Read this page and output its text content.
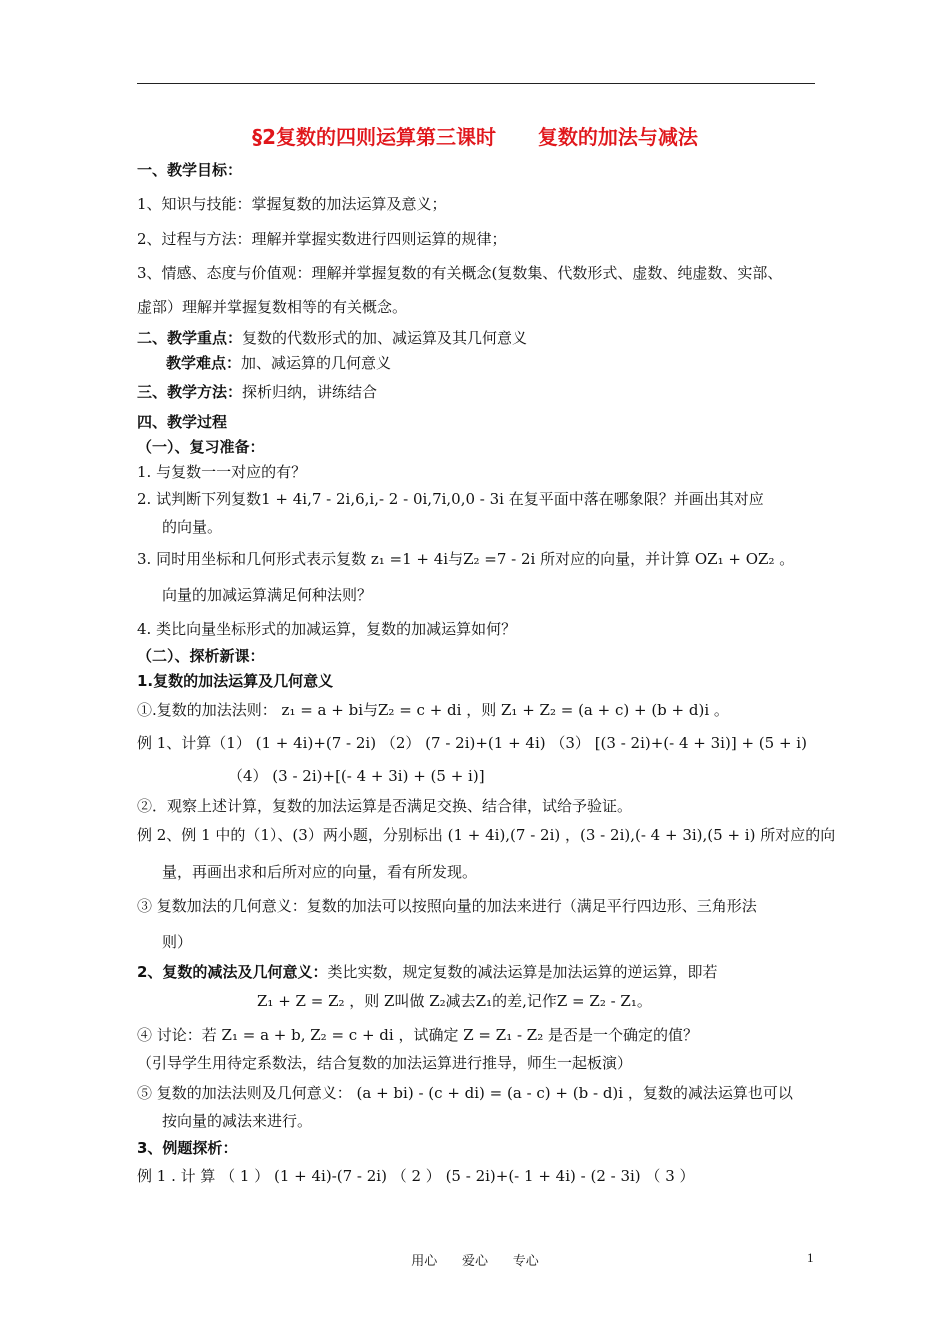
§2复数的四则运算第三课时      复数的加法与减法
一、教学目标：
1、知识与技能：掌握复数的加法运算及意义；
2、过程与方法：理解并掌握实数进行四则运算的规律；
3、情感、态度与价值观：理解并掌握复数的有关概念(复数集、代数形式、虚数、纯虚数、实部、
虚部）理解并掌握复数相等的有关概念。
二、教学重点：复数的代数形式的加、减运算及其几何意义
教学难点：加、减运算的几何意义
三、教学方法：探析归纳，讲练结合
四、教学过程
（一）、复习准备：
1. 与复数一一对应的有？
2. 试判断下列复数1 + 4i,7 - 2i,6,i,- 2 - 0i,7i,0,0 - 3i 在复平面中落在哪象限？并画出其对应
的向量。
3. 同时用坐标和几何形式表示复数 z₁ =1 + 4i与Z₂ =7 - 2i 所对应的向量，并计算 OZ₁ + OZ₂ 。
向量的加减运算满足何种法则？
4. 类比向量坐标形式的加减运算，复数的加减运算如何？
（二）、探析新课：
1.复数的加法运算及几何意义
①.复数的加法法则： z₁ = a + bi与Z₂ = c + di ，则 Z₁ + Z₂ = (a + c) + (b + d)i 。
例 1、计算（1） (1 + 4i)+(7 - 2i) （2） (7 - 2i)+(1 + 4i) （3） [(3 - 2i)+(- 4 + 3i)] + (5 + i)
（4） (3 - 2i)+[(- 4 + 3i) + (5 + i)]
②．观察上述计算，复数的加法运算是否满足交换、结合律，试给予验证。
例 2、例 1 中的（1）、(3）两小题，分别标出 (1 + 4i),(7 - 2i) ，(3 - 2i),(- 4 + 3i),(5 + i) 所对应的向
量，再画出求和后所对应的向量，看有所发现。
③ 复数加法的几何意义：复数的加法可以按照向量的加法来进行（满足平行四边形、三角形法
则）
2、复数的减法及几何意义：类比实数，规定复数的减法运算是加法运算的逆运算，即若
Z₁ + Z = Z₂ ，则 Z叫做 Z₂减去Z₁的差,记作Z = Z₂ - Z₁。
④ 讨论：若 Z₁ = a + b, Z₂ = c + di ，试确定 Z = Z₁ - Z₂ 是否是一个确定的值？
（引导学生用待定系数法，结合复数的加法运算进行推导，师生一起板演）
⑤ 复数的加法法则及几何意义： (a + bi) - (c + di) = (a - c) + (b - d)i ，复数的减法运算也可以
按向量的减法来进行。
3、例题探析：
例 1 . 计 算 （ 1 ） (1 + 4i)-(7 - 2i) （ 2 ） (5 - 2i)+(- 1 + 4i) - (2 - 3i) （ 3 ）
用心      爱心      专心	1
